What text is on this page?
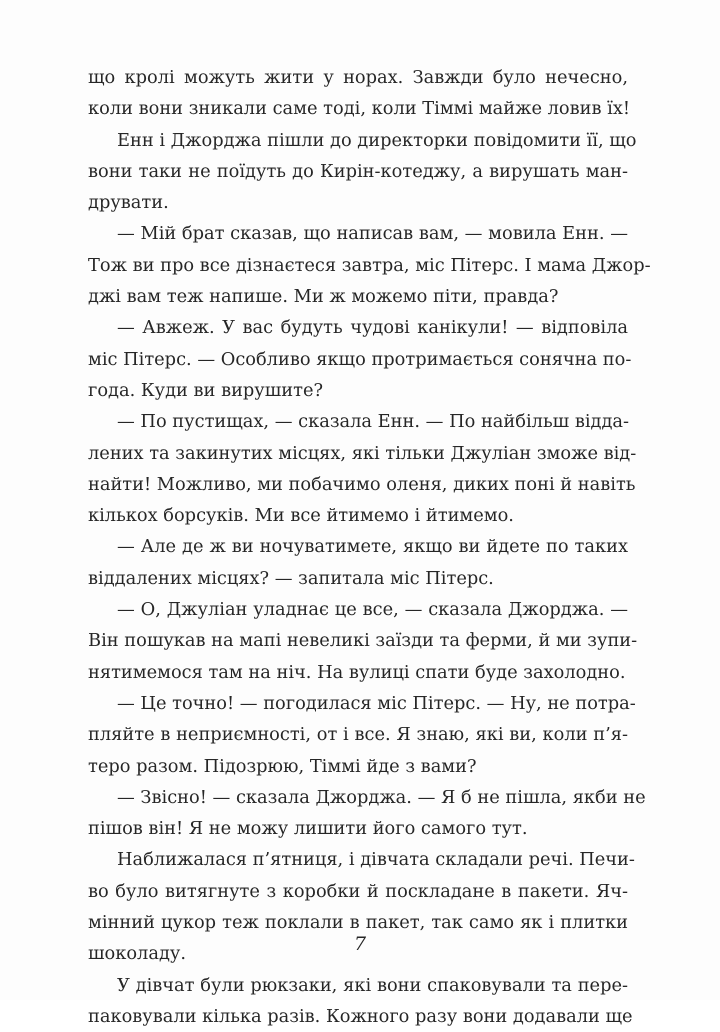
що кролі можуть жити у норах. Завжди було нечесно,
коли вони зникали саме тоді, коли Тіммі майже ловив їх!
Енн і Джорджа пішли до директорки повідомити її, що
вони таки не поїдуть до Кирін-котеджу, а вирушать ман-
друвати.
— Мій брат сказав, що написав вам, — мовила Енн. —
Тож ви про все дізнаєтеся завтра, міс Пітерс. І мама Джор-
джі вам теж напише. Ми ж можемо піти, правда?
— Авжеж. У вас будуть чудові канікули! — відповіла
міс Пітерс. — Особливо якщо протримається сонячна по-
года. Куди ви вирушите?
— По пустищах, — сказала Енн. — По найбільш відда-
лених та закинутих місцях, які тільки Джуліан зможе від-
найти! Можливо, ми побачимо оленя, диких поні й навіть
кількох борсуків. Ми все йтимемо і йтимемо.
— Але де ж ви ночуватимете, якщо ви йдете по таких
віддалених місцях? — запитала міс Пітерс.
— О, Джуліан уладнає це все, — сказала Джорджа. —
Він пошукав на мапі невеликі заїзди та ферми, й ми зупи-
нятимемося там на ніч. На вулиці спати буде захолодно.
— Це точно! — погодилася міс Пітерс. — Ну, не потра-
пляйте в неприємності, от і все. Я знаю, які ви, коли п’я-
теро разом. Підозрюю, Тіммі йде з вами?
— Звісно! — сказала Джорджа. — Я б не пішла, якби не
пішов він! Я не можу лишити його самого тут.
Наближалася п’ятниця, і дівчата складали речі. Печи-
во було витягнуте з коробки й поскладане в пакети. Яч-
мінний цукор теж поклали в пакет, так само як і плитки
шоколаду.
У дівчат були рюкзаки, які вони спаковували та пере-
паковували кілька разів. Кожного разу вони додавали ще
7
